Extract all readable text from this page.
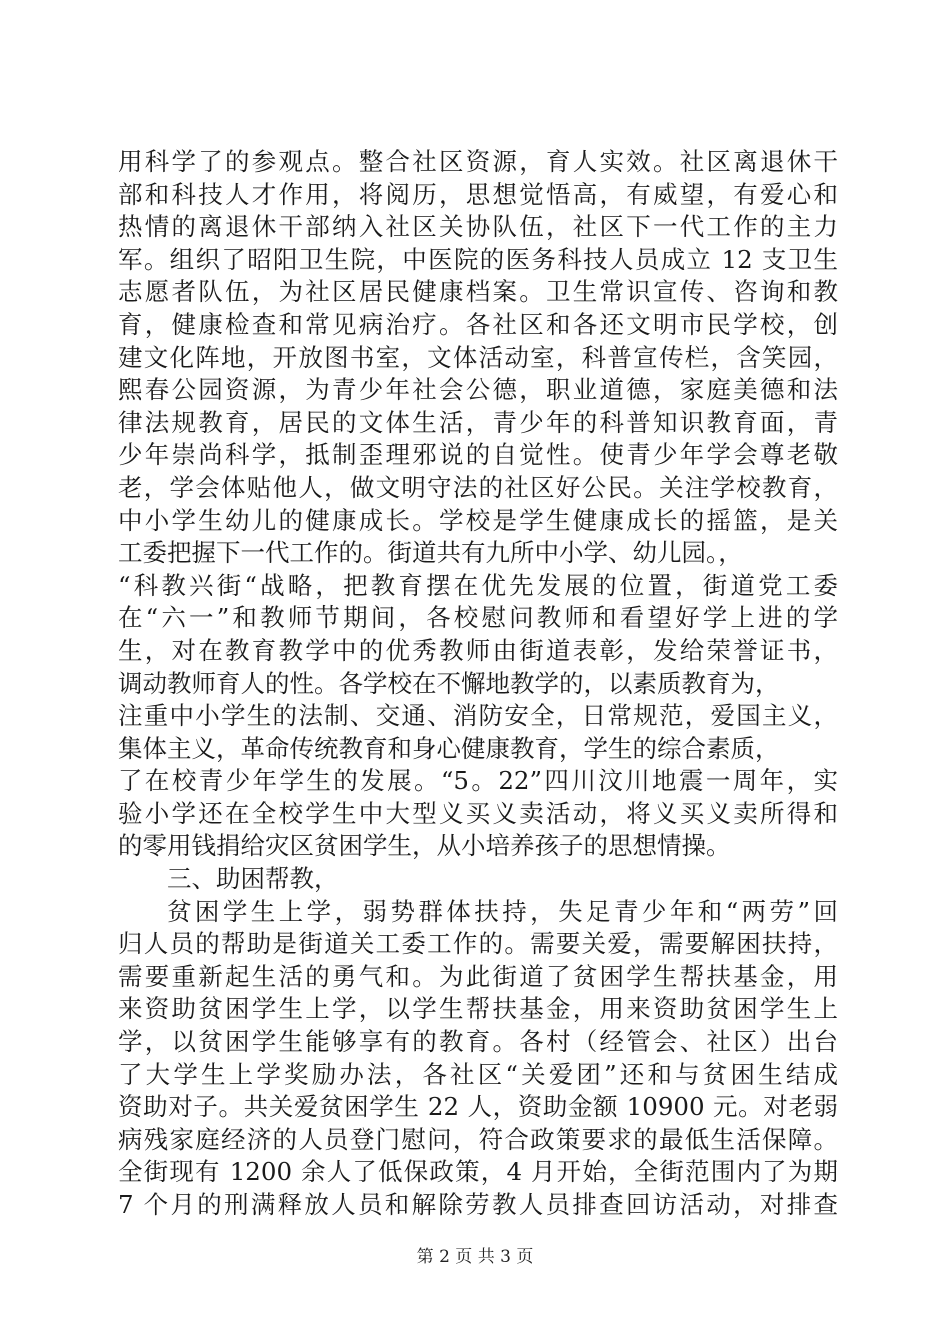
用科学了的参观点。整合社区资源，育人实效。社区离退休干
部和科技人才作用，将阅历，思想觉悟高，有威望，有爱心和
热情的离退休干部纳入社区关协队伍，社区下一代工作的主力
军。组织了昭阳卫生院，中医院的医务科技人员成立 12 支卫生
志愿者队伍，为社区居民健康档案。卫生常识宣传、咨询和教
育，健康检查和常见病治疗。各社区和各还文明市民学校，创
建文化阵地，开放图书室，文体活动室，科普宣传栏，含笑园，
熙春公园资源，为青少年社会公德，职业道德，家庭美德和法
律法规教育，居民的文体生活，青少年的科普知识教育面，青
少年崇尚科学，抵制歪理邪说的自觉性。使青少年学会尊老敬
老，学会体贴他人，做文明守法的社区好公民。关注学校教育，
中小学生幼儿的健康成长。学校是学生健康成长的摇篮，是关
工委把握下一代工作的。街道共有九所中小学、幼儿园。，
“科教兴街“战略，把教育摆在优先发展的位置，街道党工委
在“六一”和教师节期间，各校慰问教师和看望好学上进的学
生，对在教育教学中的优秀教师由街道表彰，发给荣誉证书，
调动教师育人的性。各学校在不懈地教学的，以素质教育为，
注重中小学生的法制、交通、消防安全，日常规范，爱国主义，
集体主义，革命传统教育和身心健康教育，学生的综合素质，
了在校青少年学生的发展。“5。22”四川汶川地震一周年，实
验小学还在全校学生中大型义买义卖活动，将义买义卖所得和
的零用钱捐给灾区贫困学生，从小培养孩子的思想情操。
三、助困帮教，
贫困学生上学，弱势群体扶持，失足青少年和“两劳”回
归人员的帮助是街道关工委工作的。需要关爱，需要解困扶持，
需要重新起生活的勇气和。为此街道了贫困学生帮扶基金，用
来资助贫困学生上学，以学生帮扶基金，用来资助贫困学生上
学，以贫困学生能够享有的教育。各村（经管会、社区）出台
了大学生上学奖励办法，各社区“关爱团”还和与贫困生结成
资助对子。共关爱贫困学生 22 人，资助金额 10900 元。对老弱
病残家庭经济的人员登门慰问，符合政策要求的最低生活保障。
全街现有 1200 余人了低保政策，4 月开始，全街范围内了为期
7 个月的刑满释放人员和解除劳教人员排查回访活动，对排查
第 2 页 共 3 页
